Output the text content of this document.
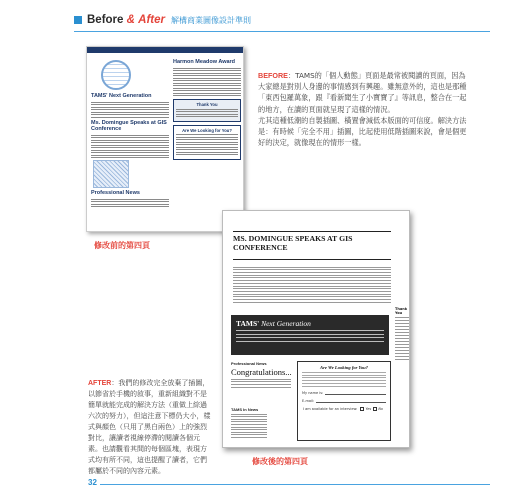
Before & After 解構商業圖像設計準則
TAMS' Next Generation
Ms. Domingue Speaks at GIS Conference
Professional News
Harmon Meadow Award
Thank You
Are We Looking for You?
修改前的第四頁

BEFORE：TAMS的「個人動態」頁面是最常被閱讀的頁面，因為大家總是對別人身邊的事情感到有興趣。雖無意外的，這也是那種「東西包羅萬象，跟『看新聞生了小寶寶了』等訊息，整合在一起的地方，在讀的頁面就呈現了這樣的情況。

尤其這種低潮的自製插圖、橫置會減低本版面的可信度。解決方法是：有時候「完全不用」插圖，比起使用低階插圖來說，會是個更好的決定，就像現在的情形一樣。

MS. DOMINGUE SPEAKS AT GIS CONFERENCE
TAMS' Next Generation
Thank You
Professional News
Congratulations...
TAMS In News
Are We Looking for You?
My name is:
E-mail:
I am available for an interview: Yes No
修改後的第四頁

AFTER：我們的修改完全放棄了插圖，以節省於手機的敘事，重新組織對不是簡單就能完成的解決方法（重做上綜過六次的努力），但這注意下標仍大小，樣式與顏色（只用了黑白兩色）上的強烈對比，讓讀者視線停滯的閱讀各個元素。也請觀看其間的每個區塊，表現方式均有所不同，這也提醒了讀者，它們都屬於不同的內容元素。

32
